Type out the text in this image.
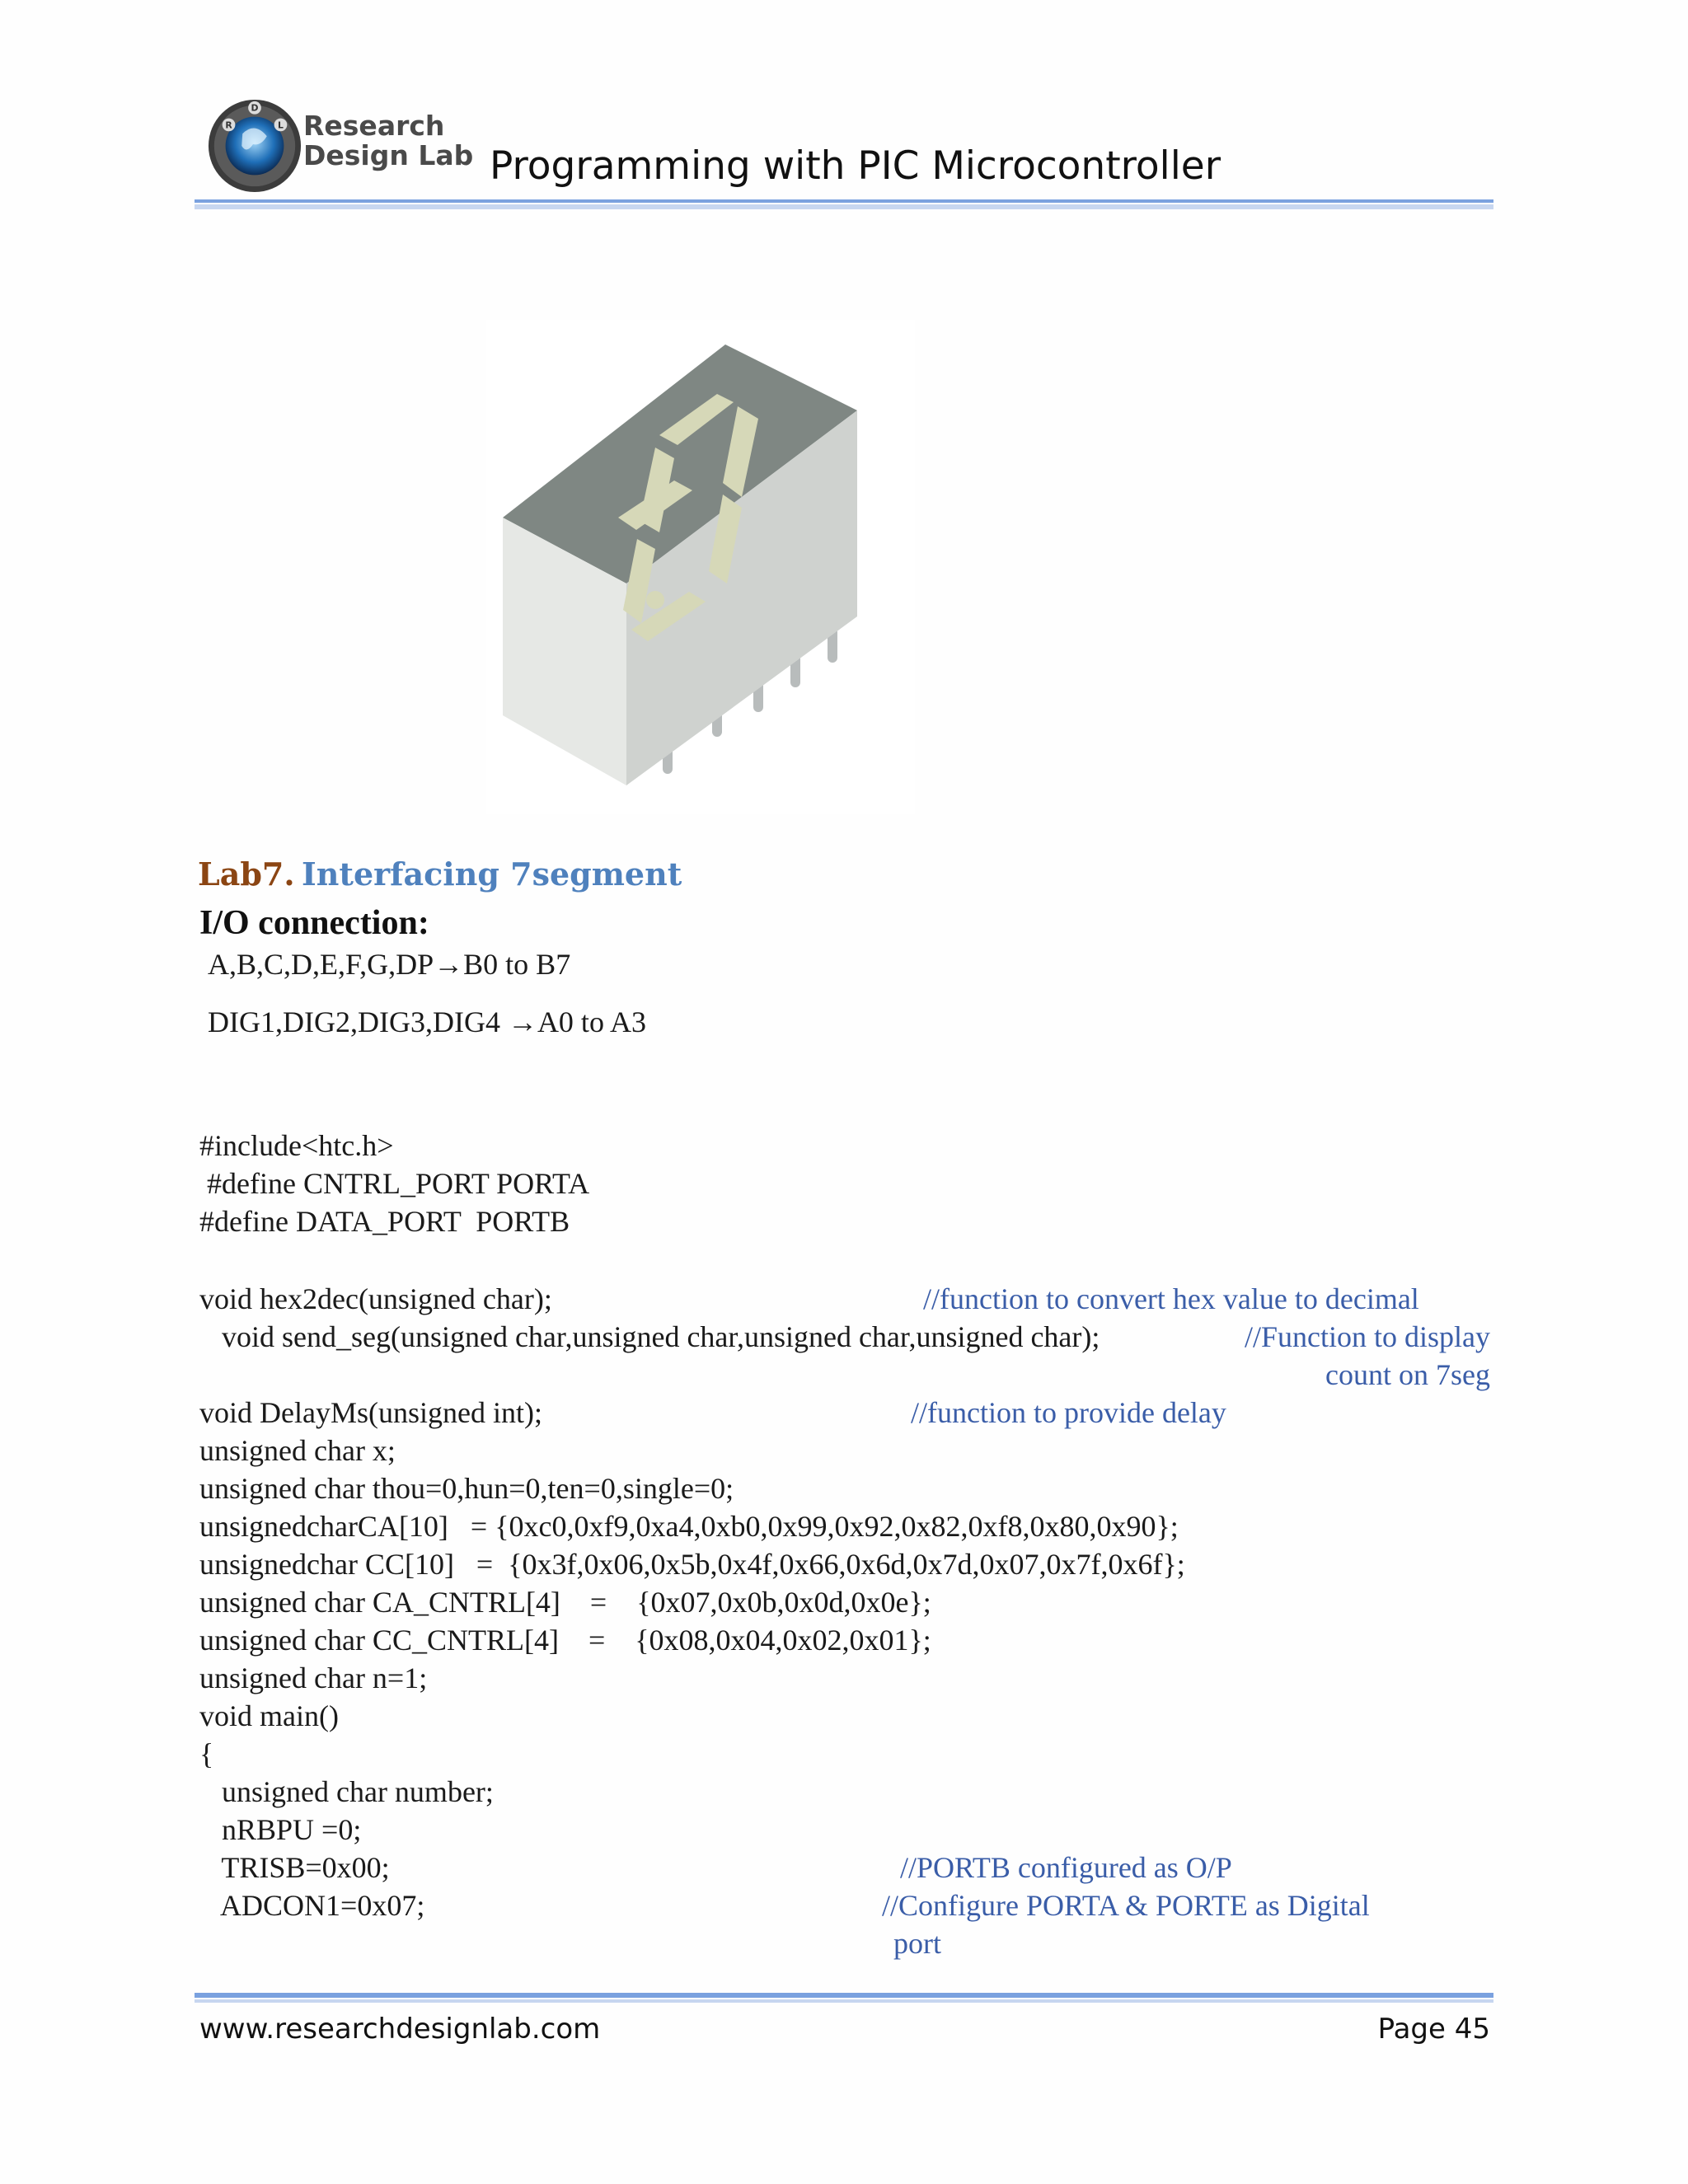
R
D
L Research
Design Lab Programming with PIC Microcontroller
Lab7. Interfacing 7segment
I/O connection:
A,B,C,D,E,F,G,DP→B0 to B7
DIG1,DIG2,DIG3,DIG4 →A0 to A3
#include<htc.h>
#define CNTRL_PORT PORTA
#define DATA_PORT  PORTB
void hex2dec(unsigned char);	//function to convert hex value to decimal
void send_seg(unsigned char,unsigned char,unsigned char,unsigned char);	//Function to display
count on 7seg
void DelayMs(unsigned int);	//function to provide delay
unsigned char x;
unsigned char thou=0,hun=0,ten=0,single=0;
unsignedcharCA[10]   = {0xc0,0xf9,0xa4,0xb0,0x99,0x92,0x82,0xf8,0x80,0x90};
unsignedchar CC[10]   =  {0x3f,0x06,0x5b,0x4f,0x66,0x6d,0x7d,0x07,0x7f,0x6f};
unsigned char CA_CNTRL[4]    =    {0x07,0x0b,0x0d,0x0e};
unsigned char CC_CNTRL[4]    =    {0x08,0x04,0x02,0x01};
unsigned char n=1;
void main()
{
unsigned char number;
nRBPU =0;
TRISB=0x00;	//PORTB configured as O/P
ADCON1=0x07;	//Configure PORTA & PORTE as Digital
port
www.researchdesignlab.com	Page 45
